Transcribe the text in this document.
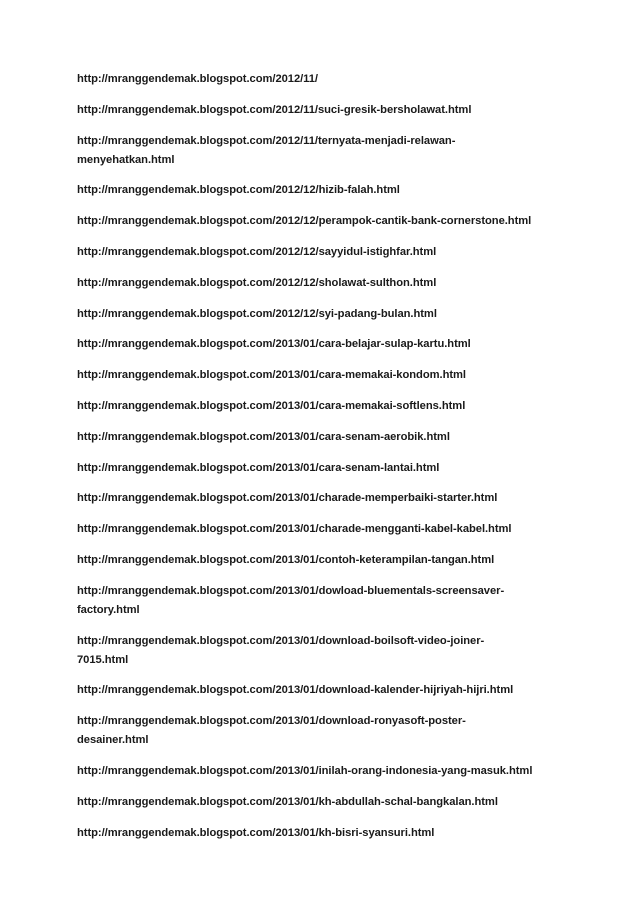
http://mranggendemak.blogspot.com/2012/11/
http://mranggendemak.blogspot.com/2012/11/suci-gresik-bersholawat.html
http://mranggendemak.blogspot.com/2012/11/ternyata-menjadi-relawan-
menyehatkan.html
http://mranggendemak.blogspot.com/2012/12/hizib-falah.html
http://mranggendemak.blogspot.com/2012/12/perampok-cantik-bank-cornerstone.html
http://mranggendemak.blogspot.com/2012/12/sayyidul-istighfar.html
http://mranggendemak.blogspot.com/2012/12/sholawat-sulthon.html
http://mranggendemak.blogspot.com/2012/12/syi-padang-bulan.html
http://mranggendemak.blogspot.com/2013/01/cara-belajar-sulap-kartu.html
http://mranggendemak.blogspot.com/2013/01/cara-memakai-kondom.html
http://mranggendemak.blogspot.com/2013/01/cara-memakai-softlens.html
http://mranggendemak.blogspot.com/2013/01/cara-senam-aerobik.html
http://mranggendemak.blogspot.com/2013/01/cara-senam-lantai.html
http://mranggendemak.blogspot.com/2013/01/charade-memperbaiki-starter.html
http://mranggendemak.blogspot.com/2013/01/charade-mengganti-kabel-kabel.html
http://mranggendemak.blogspot.com/2013/01/contoh-keterampilan-tangan.html
http://mranggendemak.blogspot.com/2013/01/dowload-bluementals-screensaver-
factory.html
http://mranggendemak.blogspot.com/2013/01/download-boilsoft-video-joiner-
7015.html
http://mranggendemak.blogspot.com/2013/01/download-kalender-hijriyah-hijri.html
http://mranggendemak.blogspot.com/2013/01/download-ronyasoft-poster-
desainer.html
http://mranggendemak.blogspot.com/2013/01/inilah-orang-indonesia-yang-masuk.html
http://mranggendemak.blogspot.com/2013/01/kh-abdullah-schal-bangkalan.html
http://mranggendemak.blogspot.com/2013/01/kh-bisri-syansuri.html
